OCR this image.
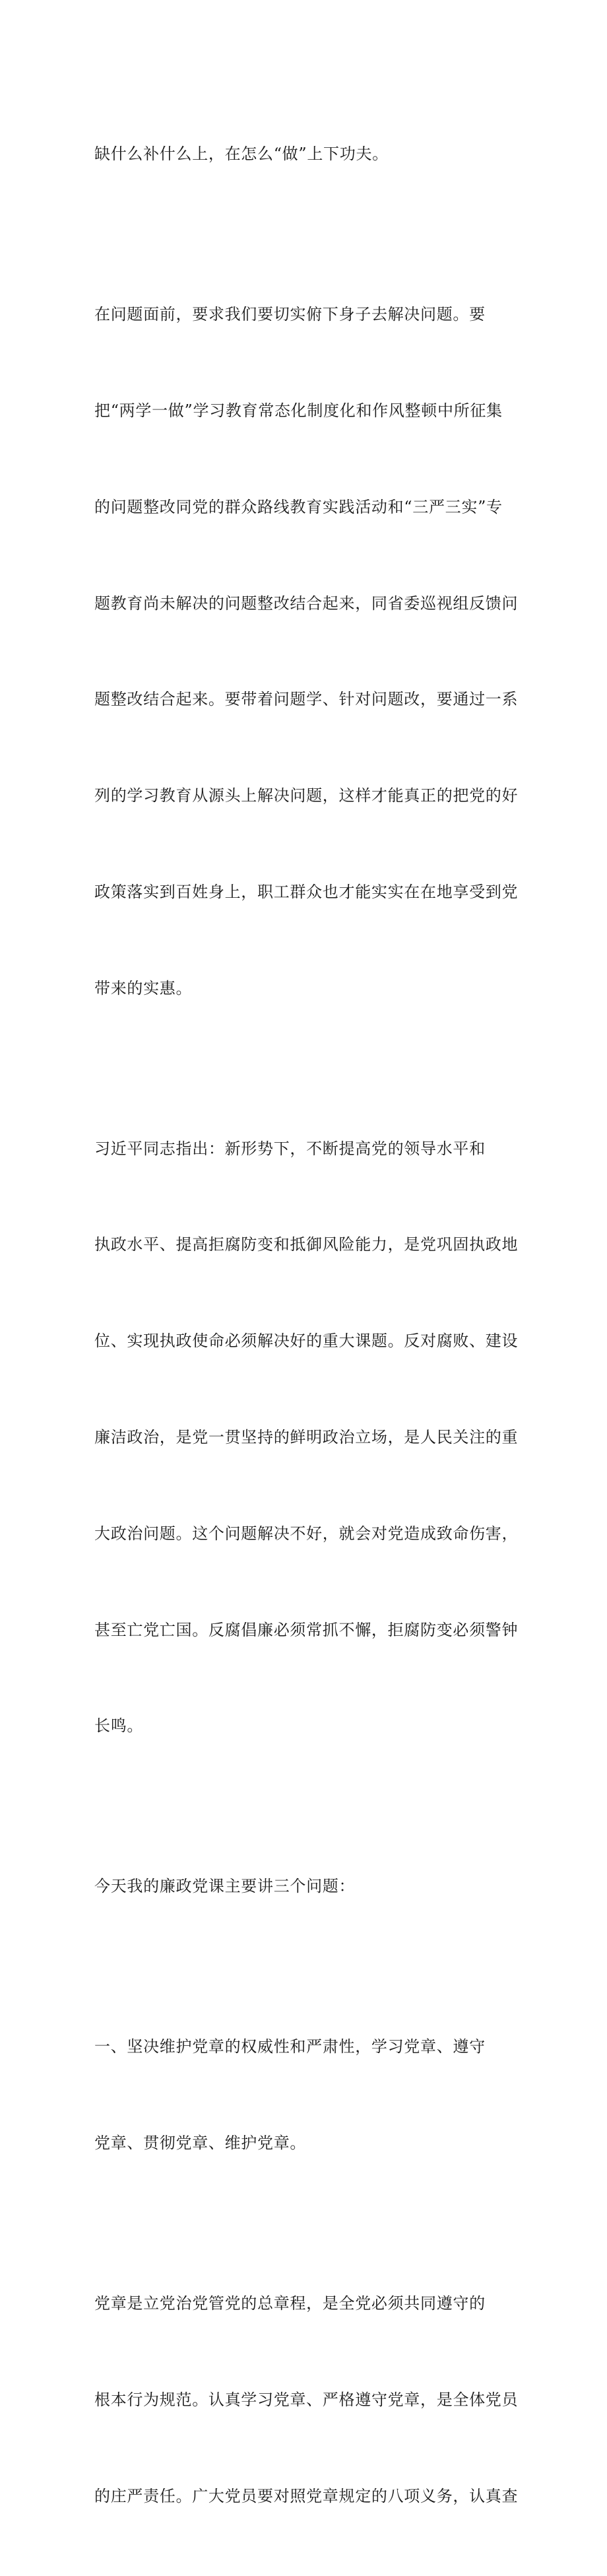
缺什么补什么上，在怎么“做”上下功夫。

在问题面前，要求我们要切实俯下身子去解决问题。要

把“两学一做”学习教育常态化制度化和作风整顿中所征集

的问题整改同党的群众路线教育实践活动和“三严三实”专

题教育尚未解决的问题整改结合起来，同省委巡视组反馈问

题整改结合起来。要带着问题学、针对问题改，要通过一系

列的学习教育从源头上解决问题，这样才能真正的把党的好

政策落实到百姓身上，职工群众也才能实实在在地享受到党

带来的实惠。

习近平同志指出：新形势下，不断提高党的领导水平和

执政水平、提高拒腐防变和抵御风险能力，是党巩固执政地

位、实现执政使命必须解决好的重大课题。反对腐败、建设

廉洁政治，是党一贯坚持的鲜明政治立场，是人民关注的重

大政治问题。这个问题解决不好，就会对党造成致命伤害，

甚至亡党亡国。反腐倡廉必须常抓不懈，拒腐防变必须警钟

长鸣。

今天我的廉政党课主要讲三个问题：

一、坚决维护党章的权威性和严肃性，学习党章、遵守

党章、贯彻党章、维护党章。

党章是立党治党管党的总章程，是全党必须共同遵守的

根本行为规范。认真学习党章、严格遵守党章，是全体党员

的庄严责任。广大党员要对照党章规定的八项义务，认真查
